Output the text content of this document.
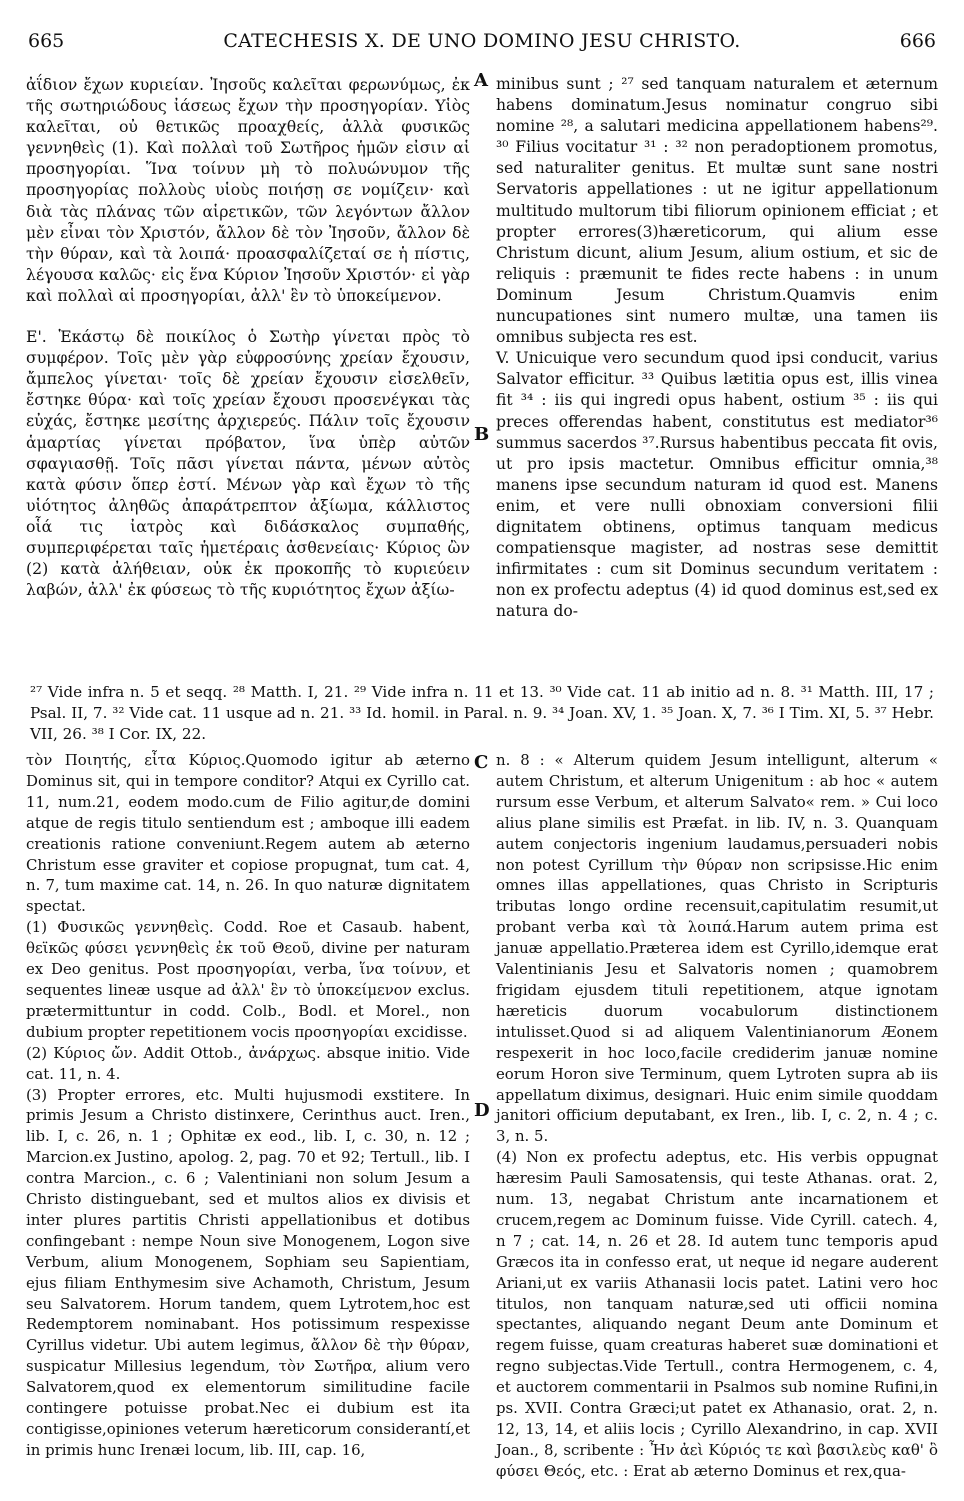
665	CATECHESIS X. DE UNO DOMINO JESU CHRISTO.	666

ἀΐδιον ἔχων κυριείαν. Ἰησοῦς καλεῖται φερωνύμως, ἐκ τῆς σωτηριώδους ἰάσεως ἔχων τὴν προσηγορίαν. Υἱὸς καλεῖται, οὐ θετικῶς προαχθείς, ἀλλὰ φυσικῶς γεννηθεὶς (1). Καὶ πολλαὶ τοῦ Σωτῆρος ἡμῶν εἰσιν αἱ προσηγορίαι. Ἵνα τοίνυν μὴ τὸ πολυώνυμον τῆς προσηγορίας πολλοὺς υἱοὺς ποιήσῃ σε νομίζειν· καὶ διὰ τὰς πλάνας τῶν αἱρετικῶν, τῶν λεγόντων ἄλλον μὲν εἶναι τὸν Χριστόν, ἄλλον δὲ τὸν Ἰησοῦν, ἄλλον δὲ τὴν θύραν, καὶ τὰ λοιπά· προασφαλίζεταί σε ἡ πίστις, λέγουσα καλῶς· εἰς ἕνα Κύριον Ἰησοῦν Χριστόν· εἰ γὰρ καὶ πολλαὶ αἱ προσηγορίαι, ἀλλ' ἓν τὸ ὑποκείμενον.

Ε'. Ἑκάστῳ δὲ ποικίλος ὁ Σωτὴρ γίνεται πρὸς τὸ συμφέρον. Τοῖς μὲν γὰρ εὐφροσύνης χρείαν ἔχουσιν, ἄμπελος γίνεται· τοῖς δὲ χρείαν ἔχουσιν εἰσελθεῖν, ἔστηκε θύρα· καὶ τοῖς χρείαν ἔχουσι προσενέγκαι τὰς εὐχάς, ἔστηκε μεσίτης ἀρχιερεύς. Πάλιν τοῖς ἔχουσιν ἁμαρτίας γίνεται πρόβατον, ἵνα ὑπὲρ αὐτῶν σφαγιασθῇ. Τοῖς πᾶσι γίνεται πάντα, μένων αὐτὸς κατὰ φύσιν ὅπερ ἐστί. Μένων γὰρ καὶ ἔχων τὸ τῆς υἱότητος ἀληθῶς ἀπαράτρεπτον ἀξίωμα, κάλλιστος οἷά τις ἰατρὸς καὶ διδάσκαλος συμπαθής, συμπεριφέρεται ταῖς ἡμετέραις ἀσθενείαις· Κύριος ὢν (2) κατὰ ἀλήθειαν, οὐκ ἐκ προκοπῆς τὸ κυριεύειν λαβών, ἀλλ' ἐκ φύσεως τὸ τῆς κυριότητος ἔχων ἀξίω-

A
B
C
D

minibus sunt ; ²⁷ sed tanquam naturalem et æternum habens dominatum.Jesus nominatur congruo sibi nomine ²⁸, a salutari medicina appellationem habens²⁹. ³⁰ Filius vocitatur ³¹ : ³² non peradoptionem promotus, sed naturaliter genitus. Et multæ sunt sane nostri Servatoris appellationes : ut ne igitur appellationum multitudo multorum tibi filiorum opinionem efficiat ; et propter errores(3)hæreticorum, qui alium esse Christum dicunt, alium Jesum, alium ostium, et sic de reliquis : præmunit te fides recte habens : in unum Dominum Jesum Christum.Quamvis enim nuncupationes sint numero multæ, una tamen iis omnibus subjecta res est.

V. Unicuique vero secundum quod ipsi conducit, varius Salvator efficitur. ³³ Quibus lætitia opus est, illis vinea fit ³⁴ : iis qui ingredi opus habent, ostium ³⁵ : iis qui preces offerendas habent, constitutus est mediator³⁶ summus sacerdos ³⁷.Rursus habentibus peccata fit ovis, ut pro ipsis mactetur. Omnibus efficitur omnia,³⁸ manens ipse secundum naturam id quod est. Manens enim, et vere nulli obnoxiam conversioni filii dignitatem obtinens, optimus tanquam medicus compatiensque magister, ad nostras sese demittit infirmitates : cum sit Dominus secundum veritatem : non ex profectu adeptus (4) id quod dominus est,sed ex natura do-

²⁷ Vide infra n. 5 et seqq. ²⁸ Matth. I, 21. ²⁹ Vide infra n. 11 et 13. ³⁰ Vide cat. 11 ab initio ad n. 8. ³¹ Matth. III, 17 ; Psal. II, 7. ³² Vide cat. 11 usque ad n. 21. ³³ Id. homil. in Paral. n. 9. ³⁴ Joan. XV, 1. ³⁵ Joan. X, 7. ³⁶ I Tim. XI, 5. ³⁷ Hebr. VII, 26. ³⁸ I Cor. IX, 22.

τὸν Ποιητής, εἶτα Κύριος.Quomodo igitur ab æterno Dominus sit, qui in tempore conditor? Atqui ex Cyrillo cat. 11, num.21, eodem modo.cum de Filio agitur,de domini atque de regis titulo sentiendum est ; amboque illi eadem creationis ratione conveniunt.Regem autem ab æterno Christum esse graviter et copiose propugnat, tum cat. 4, n. 7, tum maxime cat. 14, n. 26. In quo naturæ dignitatem spectat.

(1) Φυσικῶς γεννηθεὶς. Codd. Roe et Casaub. habent, θεϊκῶς φύσει γεννηθεὶς ἐκ τοῦ Θεοῦ, divine per naturam ex Deo genitus. Post προσηγορίαι, verba, ἵνα τοίνυν, et sequentes lineæ usque ad ἀλλ' ἓν τὸ ὑποκείμενον exclus. prætermittuntur in codd. Colb., Bodl. et Morel., non dubium propter repetitionem vocis προσηγορίαι excidisse.

(2) Κύριος ὤν. Addit Ottob., ἀνάρχως. absque initio. Vide cat. 11, n. 4.

(3) Propter errores, etc. Multi hujusmodi exstitere. In primis Jesum a Christo distinxere, Cerinthus auct. Iren., lib. I, c. 26, n. 1 ; Ophitæ ex eod., lib. I, c. 30, n. 12 ; Marcion.ex Justino, apolog. 2, pag. 70 et 92; Tertull., lib. I contra Marcion., c. 6 ; Valentiniani non solum Jesum a Christo distinguebant, sed et multos alios ex divisis et inter plures partitis Christi appellationibus et dotibus confingebant : nempe Noun sive Monogenem, Logon sive Verbum, alium Monogenem, Sophiam seu Sapientiam, ejus filiam Enthymesim sive Achamoth, Christum, Jesum seu Salvatorem. Horum tandem, quem Lytrotem,hoc est Redemptorem nominabant. Hos potissimum respexisse Cyrillus videtur. Ubi autem legimus, ἄλλον δὲ τὴν θύραν, suspicatur Millesius legendum, τὸν Σωτῆρα, alium vero Salvatorem,quod ex elementorum similitudine facile contingere potuisse probat.Nec ei dubium est ita contigisse,opiniones veterum hæreticorum considerantí,et in primis hunc Irenæi locum, lib. III, cap. 16,

n. 8 : « Alterum quidem Jesum intelligunt, alterum « autem Christum, et alterum Unigenitum : ab hoc « autem rursum esse Verbum, et alterum Salvato« rem. » Cui loco alius plane similis est Præfat. in lib. IV, n. 3. Quanquam autem conjectoris ingenium laudamus,persuaderi nobis non potest Cyrillum τὴν θύραν non scripsisse.Hic enim omnes illas appellationes, quas Christo in Scripturis tributas longo ordine recensuit,capitulatim resumit,ut probant verba καὶ τὰ λοιπά.Harum autem prima est januæ appellatio.Præterea idem est Cyrillo,idemque erat Valentinianis Jesu et Salvatoris nomen ; quamobrem frigidam ejusdem tituli repetitionem, atque ignotam hæreticis duorum vocabulorum distinctionem intulisset.Quod si ad aliquem Valentinianorum Æonem respexerit in hoc loco,facile crediderim januæ nomine eorum Horon sive Terminum, quem Lytroten supra ab iis appellatum diximus, designari. Huic enim simile quoddam janitori officium deputabant, ex Iren., lib. I, c. 2, n. 4 ; c. 3, n. 5.

(4) Non ex profectu adeptus, etc. His verbis oppugnat hæresim Pauli Samosatensis, qui teste Athanas. orat. 2, num. 13, negabat Christum ante incarnationem et crucem,regem ac Dominum fuisse. Vide Cyrill. catech. 4, n 7 ; cat. 14, n. 26 et 28. Id autem tunc temporis apud Græcos ita in confesso erat, ut neque id negare auderent Ariani,ut ex variis Athanasii locis patet. Latini vero hoc titulos, non tanquam naturæ,sed uti officii nomina spectantes, aliquando negant Deum ante Dominum et regem fuisse, quam creaturas haberet suæ dominationi et regno subjectas.Vide Tertull., contra Hermogenem, c. 4, et auctorem commentarii in Psalmos sub nomine Rufini,in ps. XVII. Contra Græci;ut patet ex Athanasio, orat. 2, n. 12, 13, 14, et aliis locis ; Cyrillo Alexandrino, in cap. XVII Joan., 8, scribente : Ἦν ἀεὶ Κύριός τε καὶ βασιλεὺς καθ' ὃ φύσει Θεός, etc. : Erat ab æterno Dominus et rex,qua-
